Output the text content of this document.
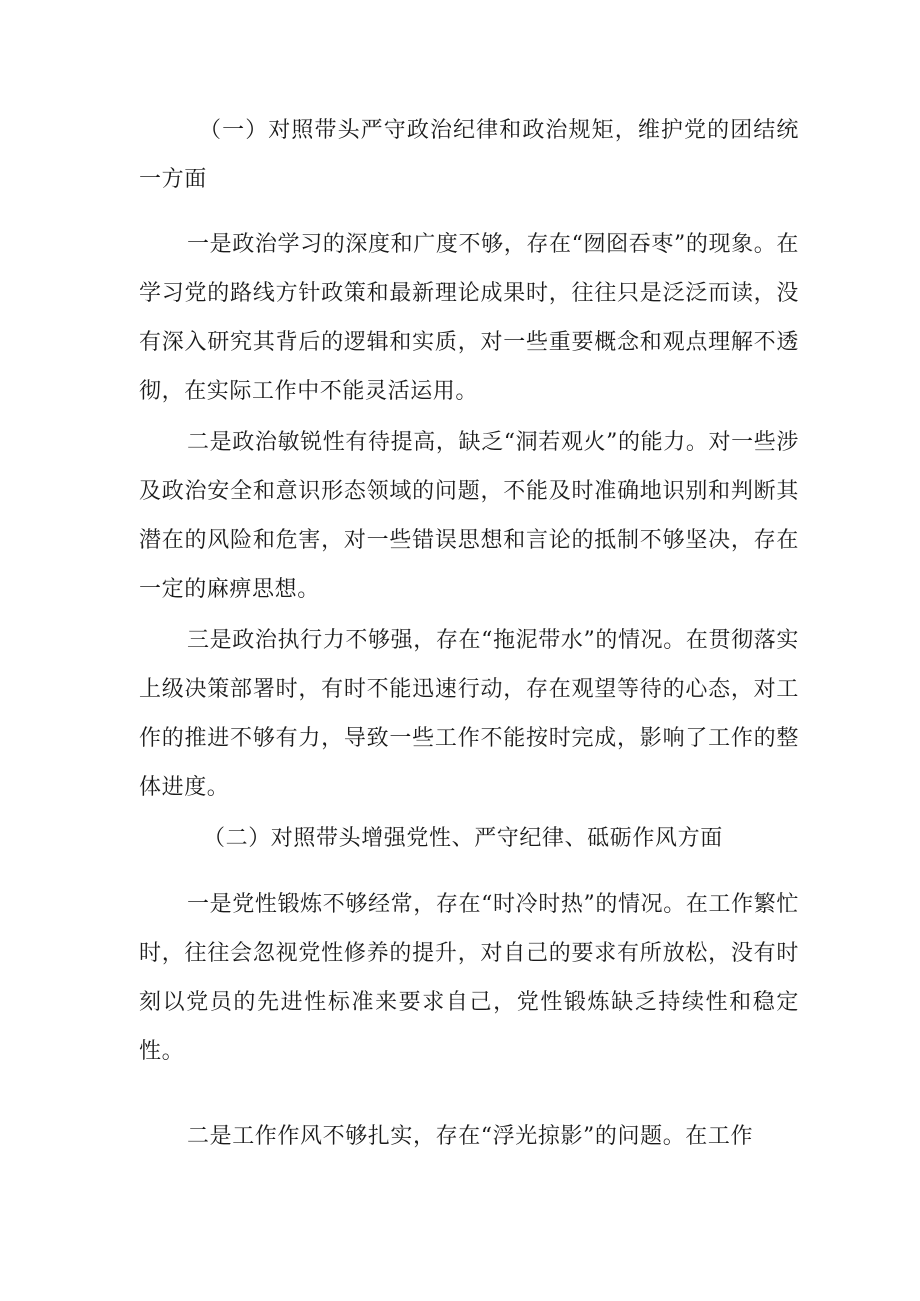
（一）对照带头严守政治纪律和政治规矩，维护党的团结统一方面

一是政治学习的深度和广度不够，存在“囫囵吞枣”的现象。在学习党的路线方针政策和最新理论成果时，往往只是泛泛而读，没有深入研究其背后的逻辑和实质，对一些重要概念和观点理解不透彻，在实际工作中不能灵活运用。

二是政治敏锐性有待提高，缺乏“洞若观火”的能力。对一些涉及政治安全和意识形态领域的问题，不能及时准确地识别和判断其潜在的风险和危害，对一些错误思想和言论的抵制不够坚决，存在一定的麻痹思想。

三是政治执行力不够强，存在“拖泥带水”的情况。在贯彻落实上级决策部署时，有时不能迅速行动，存在观望等待的心态，对工作的推进不够有力，导致一些工作不能按时完成，影响了工作的整体进度。

（二）对照带头增强党性、严守纪律、砥砺作风方面

一是党性锻炼不够经常，存在“时冷时热”的情况。在工作繁忙时，往往会忽视党性修养的提升，对自己的要求有所放松，没有时刻以党员的先进性标准来要求自己，党性锻炼缺乏持续性和稳定性。

二是工作作风不够扎实，存在“浮光掠影”的问题。在工作
